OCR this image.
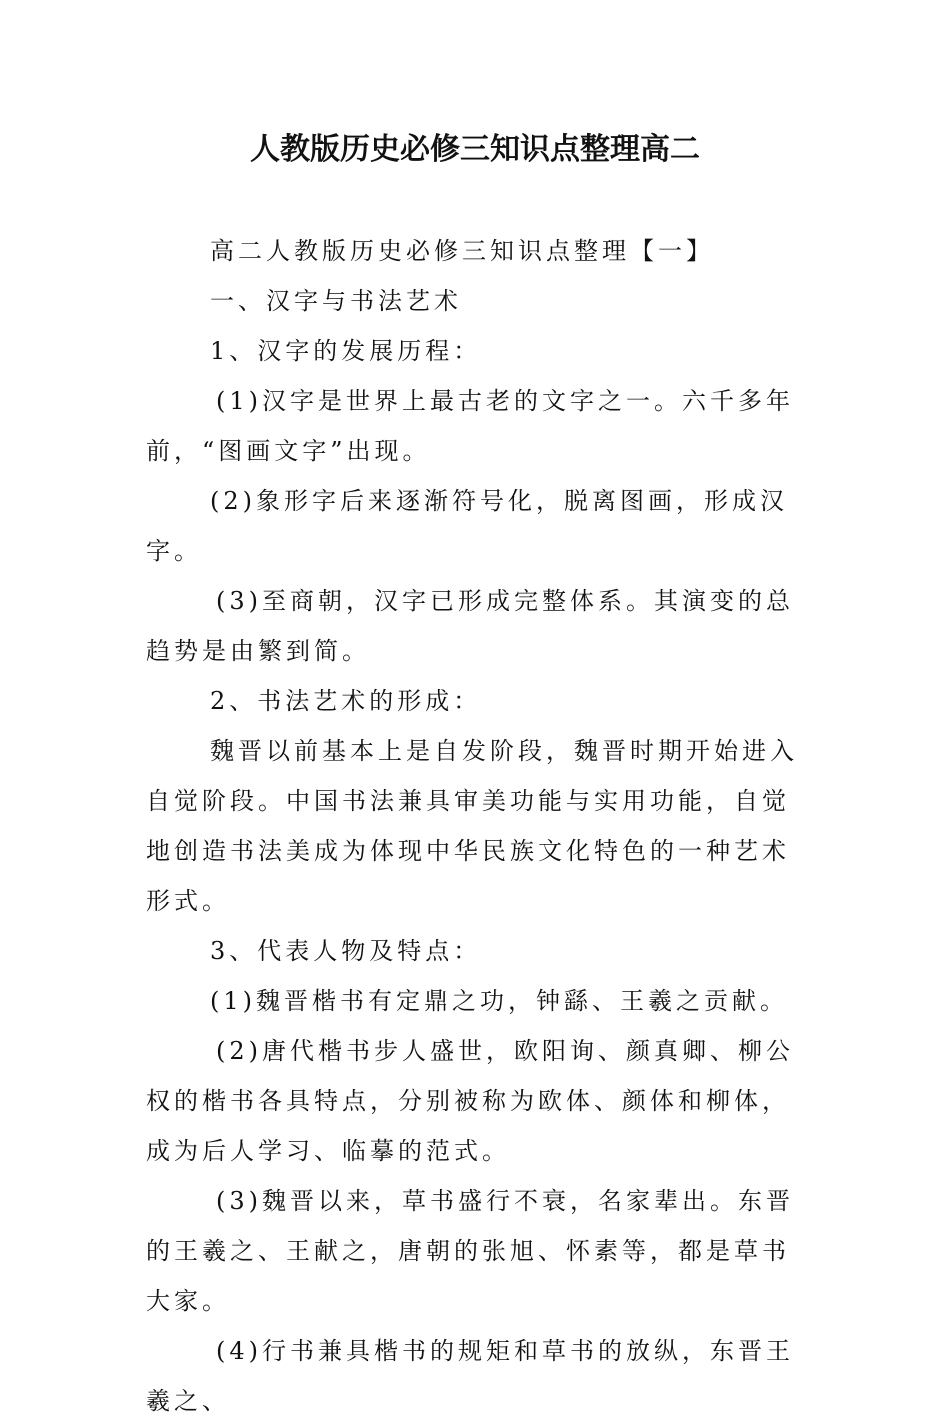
人教版历史必修三知识点整理高二

高二人教版历史必修三知识点整理【一】

一、汉字与书法艺术

1、汉字的发展历程：

(1)汉字是世界上最古老的文字之一。六千多年前，“图画文字”出现。

(2)象形字后来逐渐符号化，脱离图画，形成汉字。

(3)至商朝，汉字已形成完整体系。其演变的总趋势是由繁到简。

2、书法艺术的形成：

魏晋以前基本上是自发阶段，魏晋时期开始进入自觉阶段。中国书法兼具审美功能与实用功能，自觉地创造书法美成为体现中华民族文化特色的一种艺术形式。

3、代表人物及特点：

(1)魏晋楷书有定鼎之功，钟繇、王羲之贡献。

(2)唐代楷书步人盛世，欧阳询、颜真卿、柳公权的楷书各具特点，分别被称为欧体、颜体和柳体，成为后人学习、临摹的范式。

(3)魏晋以来，草书盛行不衰，名家辈出。东晋的王羲之、王献之，唐朝的张旭、怀素等，都是草书大家。

(4)行书兼具楷书的规矩和草书的放纵，东晋王羲之、
